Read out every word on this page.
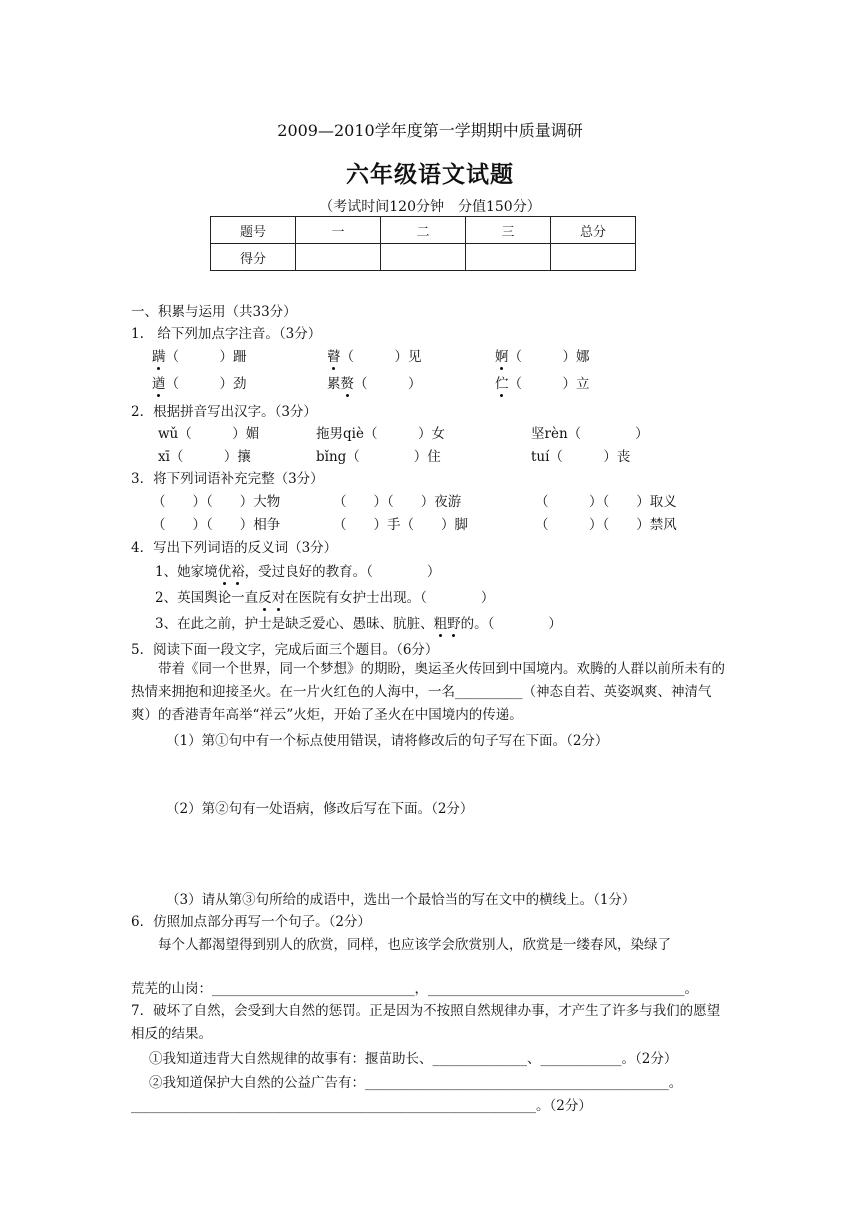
2009—2010学年度第一学期期中质量调研
六年级语文试题
（考试时间120分钟　分值150分）
题号	一	二	三	总分
得分				
一、积累与运用（共33分）
1.　给下列加点字注音。（3分）
蹒（　　　）跚	瞽（　　　）见	婀（　　　）娜
遒（　　　）劲	累赘（　　　）	伫（　　　）立
2．根据拼音写出汉字。（3分）
wǔ（　　　）媚	拖男qiè（　　　）女	坚rèn（　　　　）
xī（　　　）攘	bǐng（　　　　）住	tuí（　　　）丧
3．将下列词语补充完整（3分）
（　　）（　　）大物	（　　）（　　）夜游	（　　　）（　　）取义
（　　）（　　）相争	（　　）手（　　）脚	（　　　）（　　）禁风
4．写出下列词语的反义词（3分）
1、她家境优裕，受过良好的教育。（　　　　）
2、英国舆论一直反对在医院有女护士出现。（　　　　）
3、在此之前，护士是缺乏爱心、愚昧、肮脏、粗野的。（　　　　）
5．阅读下面一段文字，完成后面三个题目。（6分）
带着《同一个世界，同一个梦想》的期盼，奥运圣火传回到中国境内。欢腾的人群以前所未有的热情来拥抱和迎接圣火。在一片火红色的人海中，一名__________（神态自若、英姿飒爽、神清气爽）的香港青年高举“祥云”火炬，开始了圣火在中国境内的传递。
（1）第①句中有一个标点使用错误，请将修改后的句子写在下面。（2分）
（2）第②句有一处语病，修改后写在下面。（2分）
（3）请从第③句所给的成语中，选出一个最恰当的写在文中的横线上。（1分）
6．仿照加点部分再写一个句子。（2分）
每个人都渴望得到别人的欣赏，同样，也应该学会欣赏别人，欣赏是一缕春风，染绿了
荒芜的山岗：______________________________，______________________________________。
7．破坏了自然，会受到大自然的惩罚。正是因为不按照自然规律办事，才产生了许多与我们的愿望相反的结果。
①我知道违背大自然规律的故事有：揠苗助长、______________、____________。（2分）
②我知道保护大自然的公益广告有：_____________________________________________。
____________________________________________________________。（2分）
